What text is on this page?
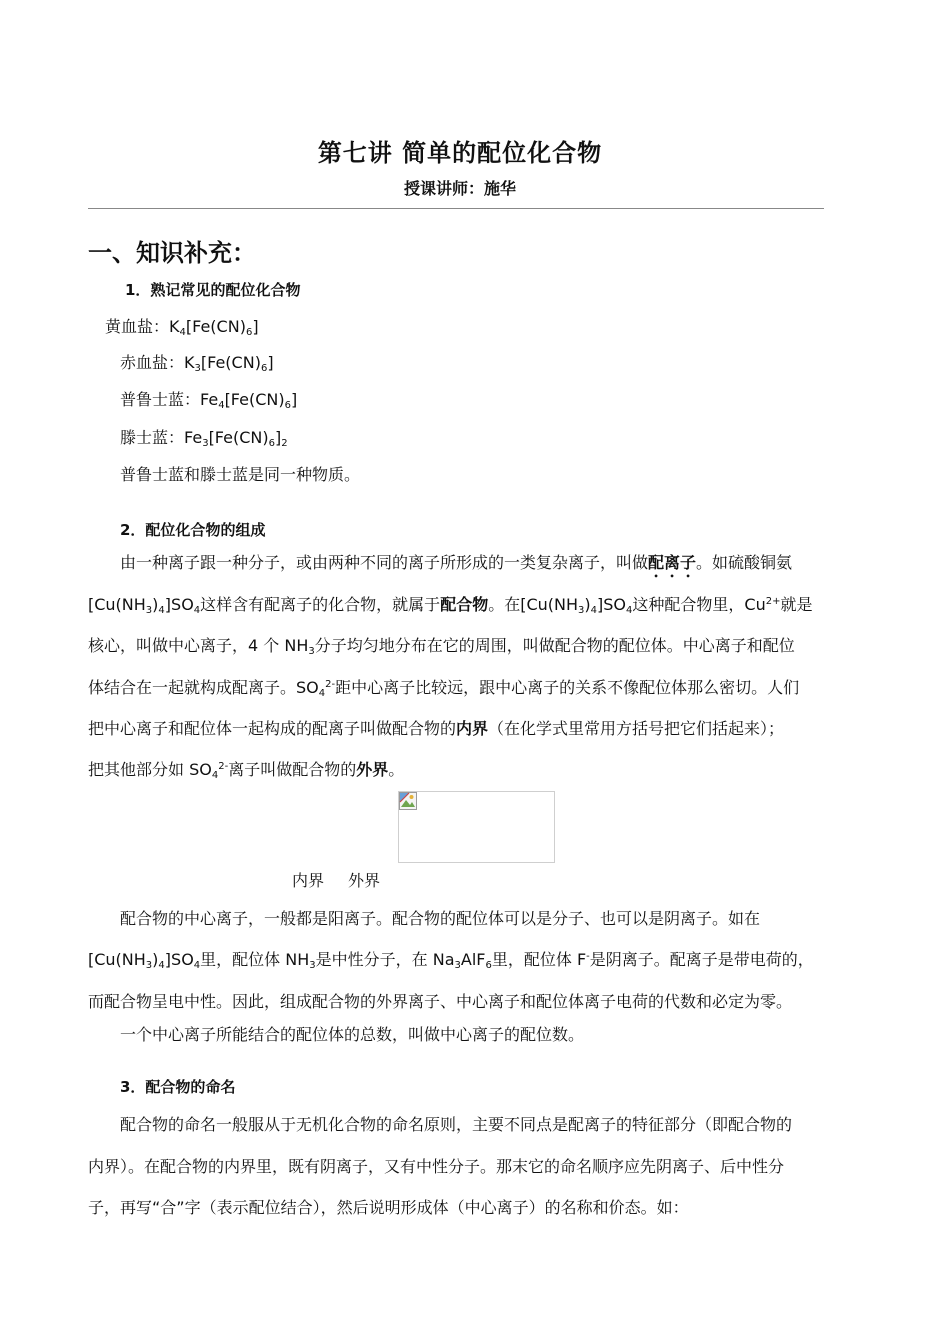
第七讲 简单的配位化合物
授课讲师：施华
一、知识补充：
1．熟记常见的配位化合物
黄血盐：$K_4[Fe(CN)_6]$
赤血盐：$K_3[Fe(CN)_6]$
普鲁士蓝：$Fe_4[Fe(CN)_6]$
滕士蓝：$Fe_3[Fe(CN)_6]_2$
普鲁士蓝和滕士蓝是同一种物质。
2．配位化合物的组成
由一种离子跟一种分子，或由两种不同的离子所形成的一类复杂离子，叫做配离子。如硫酸铜氨
$[Cu(NH_3)_4]SO_4$这样含有配离子的化合物，就属于配合物。在$[Cu(NH_3)_4]SO_4$这种配合物里，$Cu^{2+}$就是
核心，叫做中心离子，4 个 $NH_3$分子均匀地分布在它的周围，叫做配合物的配位体。中心离子和配位
体结合在一起就构成配离子。$SO_4^{2-}$距中心离子比较远，跟中心离子的关系不像配位体那么密切。人们
把中心离子和配位体一起构成的配离子叫做配合物的内界（在化学式里常用方括号把它们括起来）；
把其他部分如 $SO_4^{2-}$离子叫做配合物的外界。
内界 外界
配合物的中心离子，一般都是阳离子。配合物的配位体可以是分子、也可以是阴离子。如在
$[Cu(NH_3)_4]SO_4$里，配位体 $NH_3$是中性分子，在 $Na_3AlF_6$里，配位体 F-是阴离子。配离子是带电荷的，
而配合物呈电中性。因此，组成配合物的外界离子、中心离子和配位体离子电荷的代数和必定为零。
一个中心离子所能结合的配位体的总数，叫做中心离子的配位数。
3．配合物的命名
配合物的命名一般服从于无机化合物的命名原则，主要不同点是配离子的特征部分（即配合物的
内界）。在配合物的内界里，既有阴离子，又有中性分子。那末它的命名顺序应先阴离子、后中性分
子，再写“合”字（表示配位结合），然后说明形成体（中心离子）的名称和价态。如：
